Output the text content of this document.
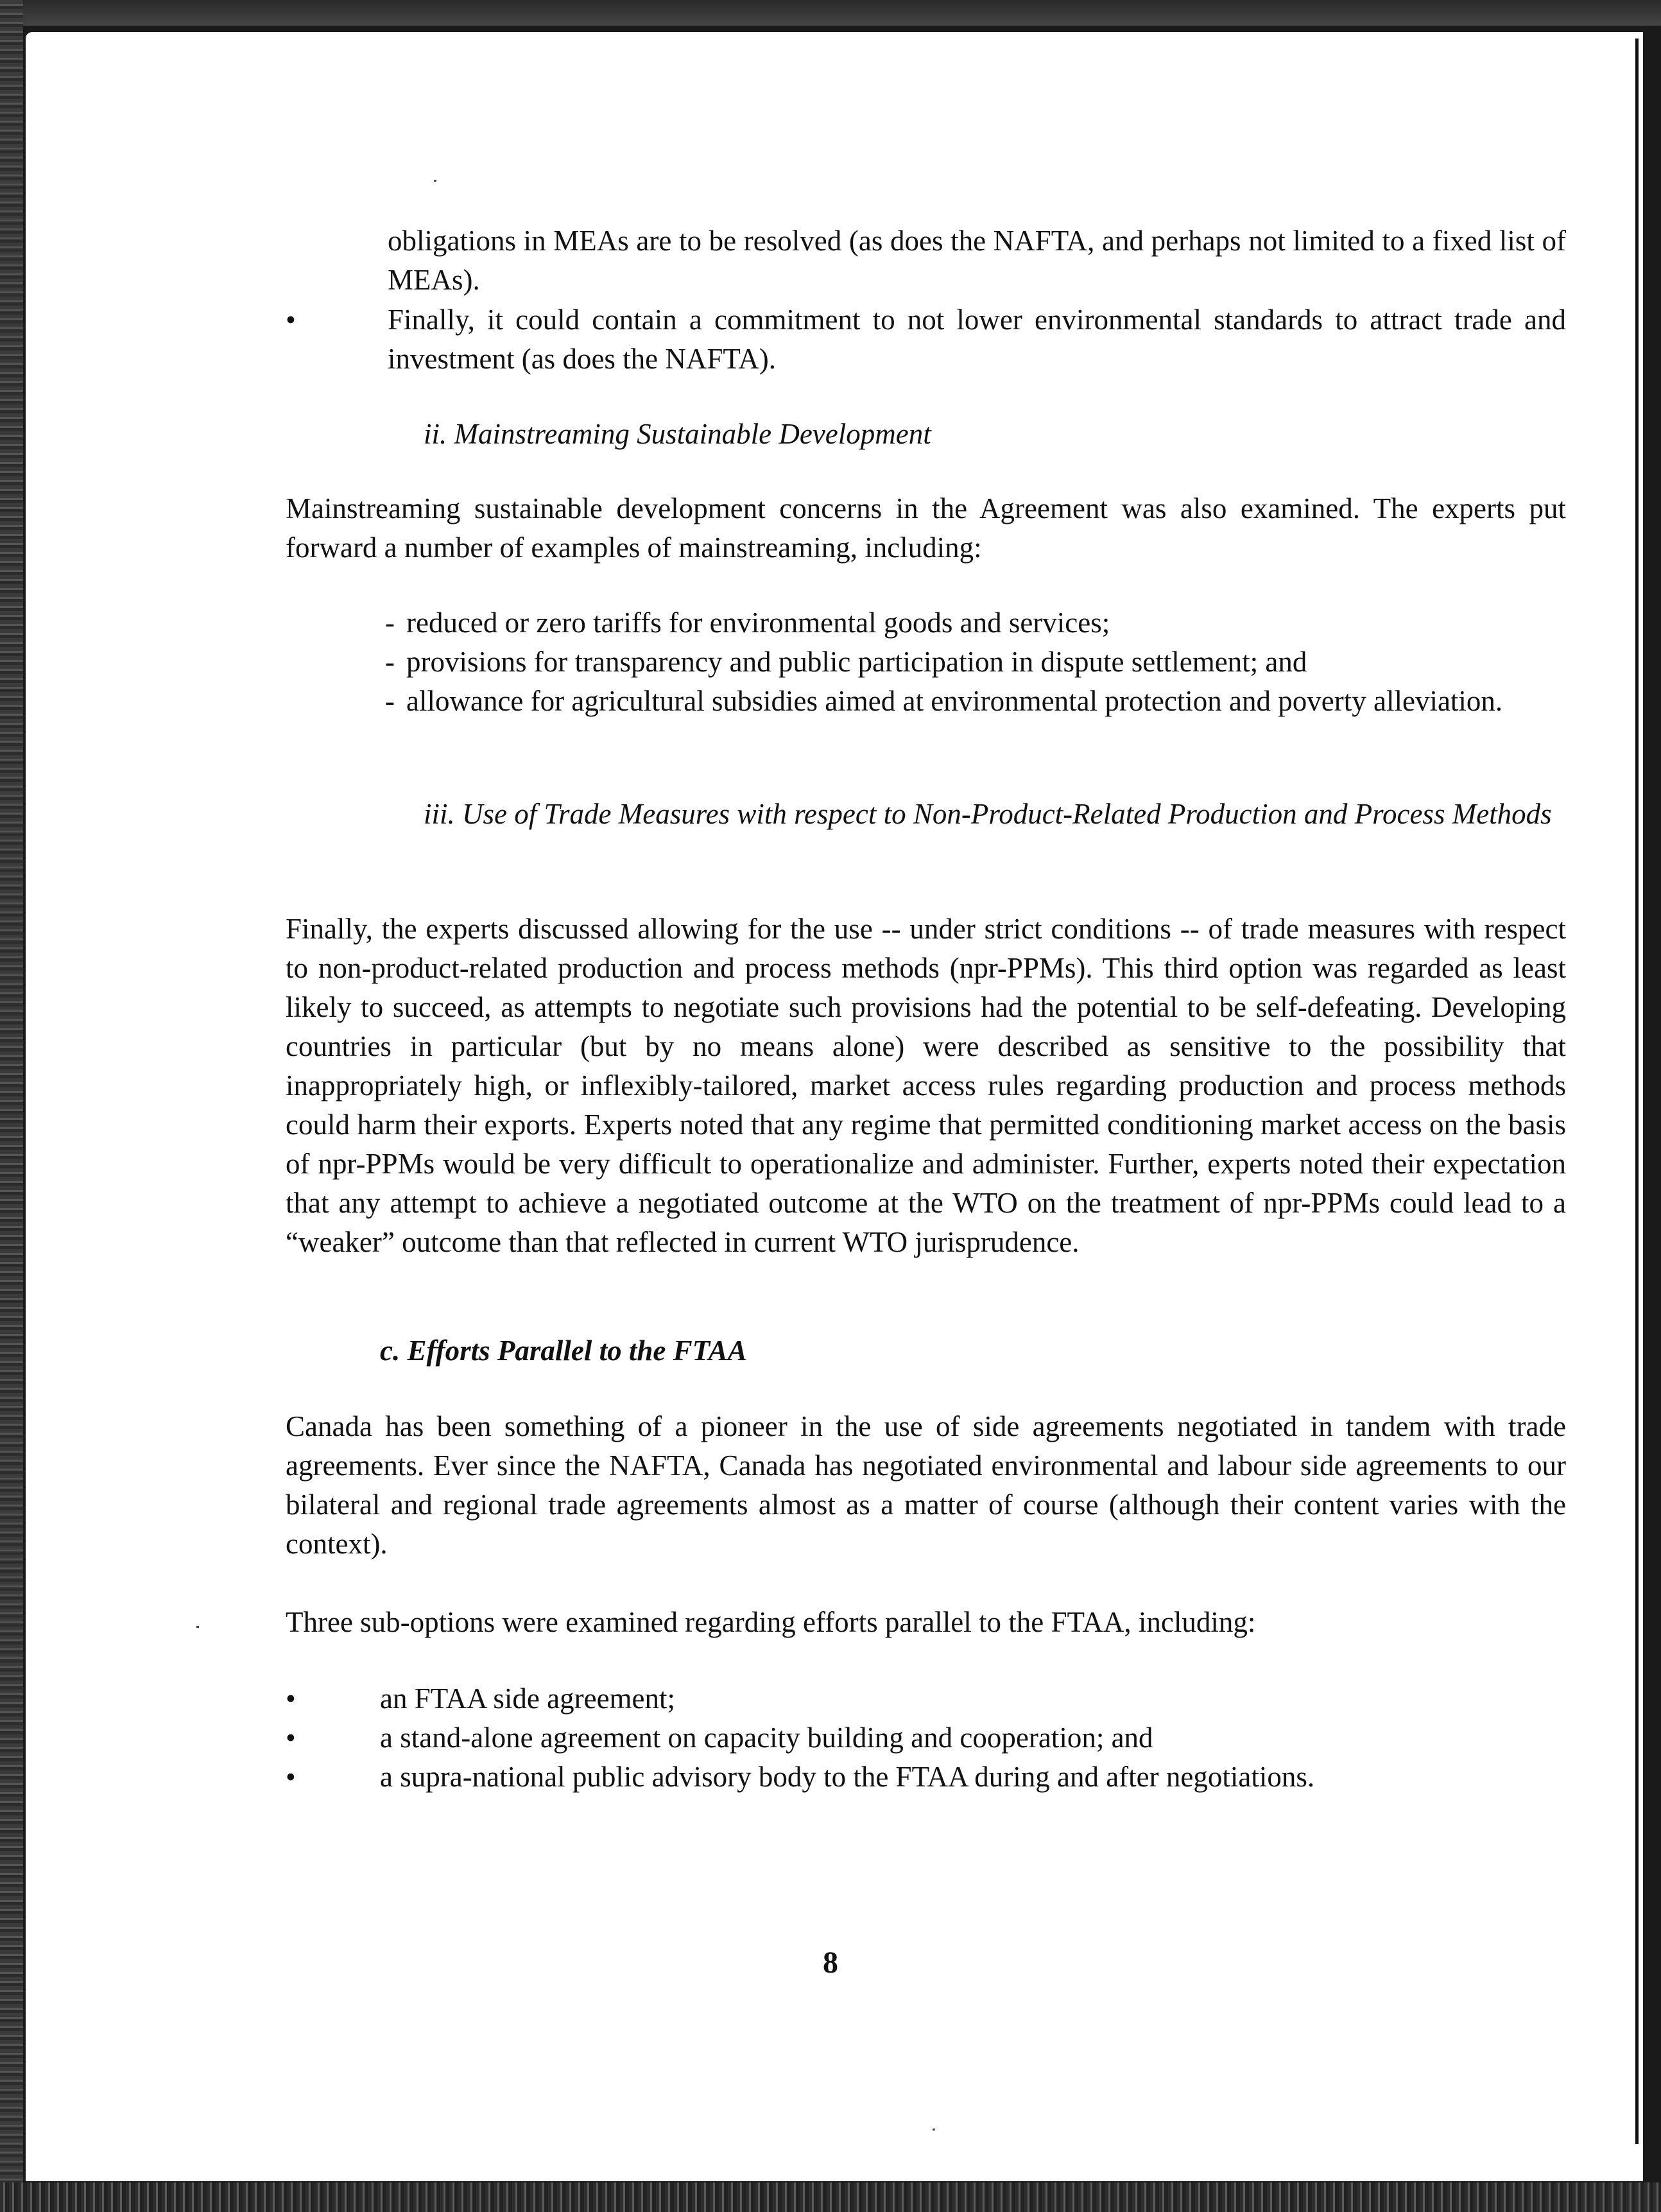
obligations in MEAs are to be resolved (as does the NAFTA, and perhaps not limited to a fixed list of MEAs).

•	Finally, it could contain a commitment to not lower environmental standards to attract trade and investment (as does the NAFTA).

ii. Mainstreaming Sustainable Development

Mainstreaming sustainable development concerns in the Agreement was also examined. The experts put forward a number of examples of mainstreaming, including:

- reduced or zero tariffs for environmental goods and services;

- provisions for transparency and public participation in dispute settlement; and

- allowance for agricultural subsidies aimed at environmental protection and poverty alleviation.

iii. Use of Trade Measures with respect to Non-Product-Related Production and Process Methods

Finally, the experts discussed allowing for the use -- under strict conditions -- of trade measures with respect to non-product-related production and process methods (npr-PPMs). This third option was regarded as least likely to succeed, as attempts to negotiate such provisions had the potential to be self-defeating. Developing countries in particular (but by no means alone) were described as sensitive to the possibility that inappropriately high, or inflexibly-tailored, market access rules regarding production and process methods could harm their exports. Experts noted that any regime that permitted conditioning market access on the basis of npr-PPMs would be very difficult to operationalize and administer. Further, experts noted their expectation that any attempt to achieve a negotiated outcome at the WTO on the treatment of npr-PPMs could lead to a “weaker” outcome than that reflected in current WTO jurisprudence.

c. Efforts Parallel to the FTAA

Canada has been something of a pioneer in the use of side agreements negotiated in tandem with trade agreements. Ever since the NAFTA, Canada has negotiated environmental and labour side agreements to our bilateral and regional trade agreements almost as a matter of course (although their content varies with the context).

Three sub-options were examined regarding efforts parallel to the FTAA, including:

•	an FTAA side agreement;

•	a stand-alone agreement on capacity building and cooperation; and

•	a supra-national public advisory body to the FTAA during and after negotiations.

8
